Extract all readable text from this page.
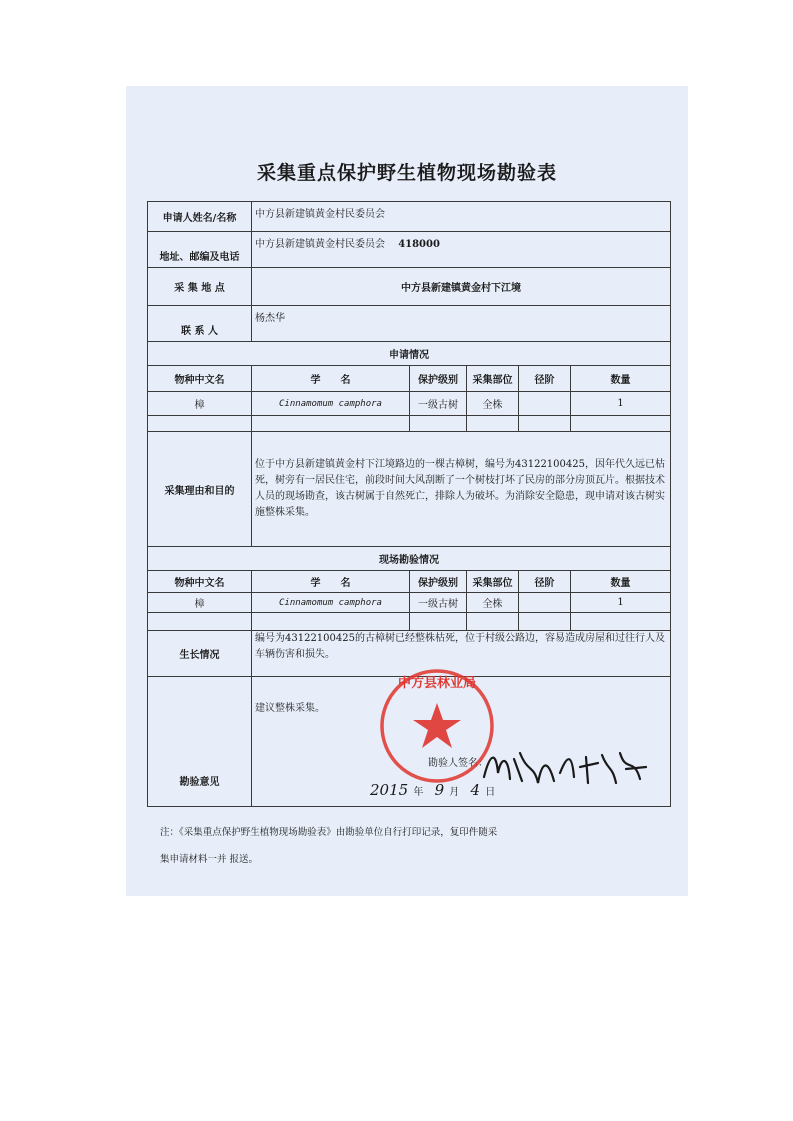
采集重点保护野生植物现场勘验表
申请人姓名/名称	中方县新建镇黄金村民委员会				
地址、邮编及电话	中方县新建镇黄金村民委员会 418000				
采 集 地 点	中方县新建镇黄金村下江境				
联 系 人	杨杰华				
申请情况					
物种中文名	学　　名	保护级别	采集部位	径阶	数量
樟	Cinnamomum camphora	一级古树	全株		1

采集理由和目的	位于中方县新建镇黄金村下江境路边的一棵古樟树，编号为43122100425，因年代久远已枯死，树旁有一居民住宅，前段时间大风刮断了一个树枝打坏了民房的部分房顶瓦片。根据技术人员的现场勘查，该古树属于自然死亡，排除人为破坏。为消除安全隐患，现申请对该古树实施整株采集。				
现场勘验情况					
物种中文名	学　　名	保护级别	采集部位	径阶	数量
樟	Cinnamomum camphora	一级古树	全株		1

生长情况	编号为43122100425的古樟树已经整株枯死，位于村级公路边，容易造成房屋和过往行人及车辆伤害和损失。				
勘验意见	建议整株采集。
勘验人签名：
2015 年 9 月 4 日				
中方县林业局
注：《采集重点保护野生植物现场勘验表》由勘验单位自行打印记录，复印件随采
集申请材料一并 报送。
